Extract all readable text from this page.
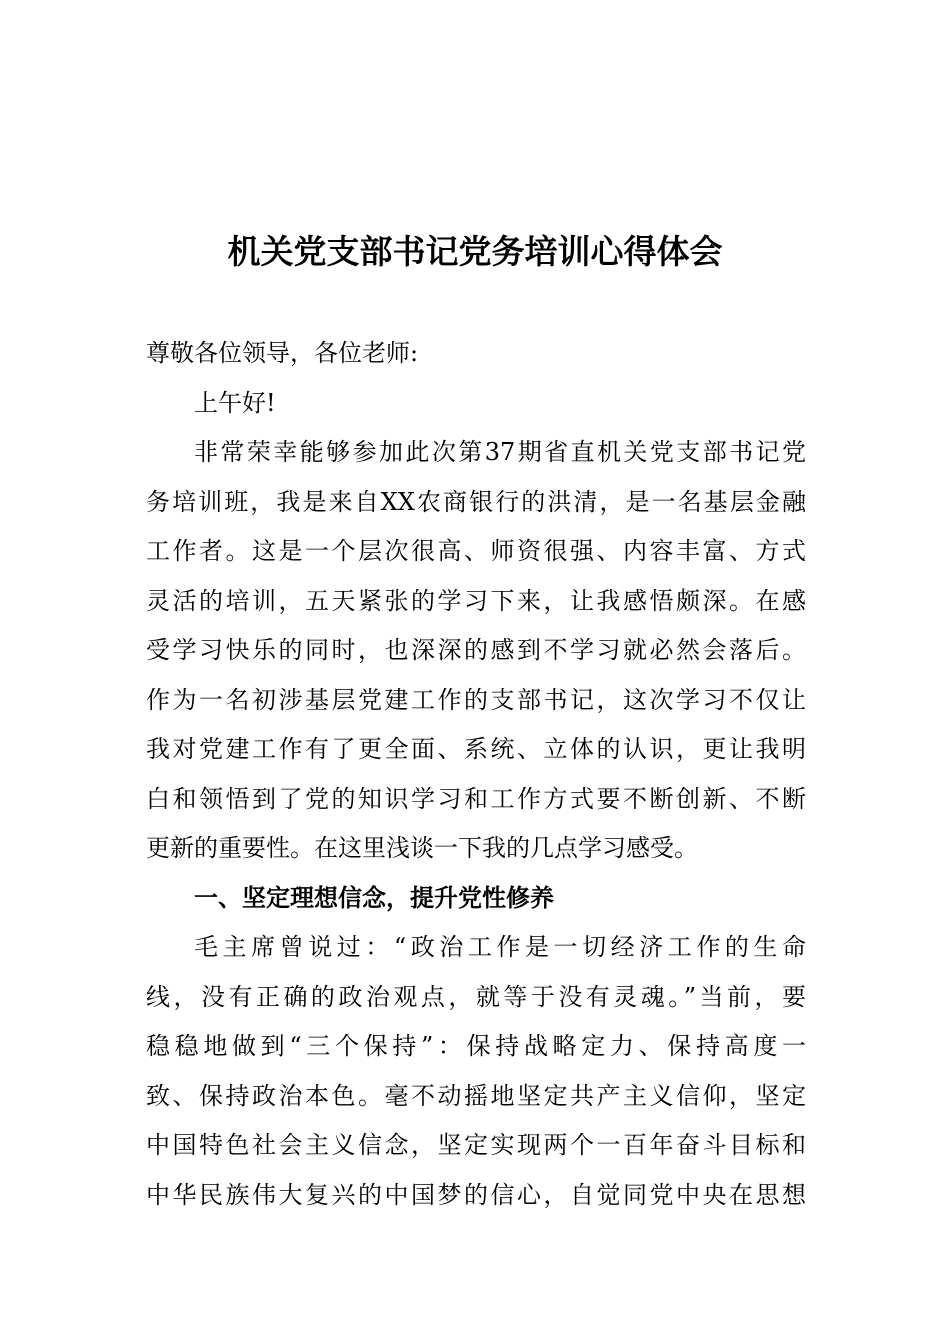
机关党支部书记党务培训心得体会
尊敬各位领导，各位老师:
上午好!
非常荣幸能够参加此次第37期省直机关党支部书记党
务培训班，我是来自XX农商银行的洪清，是一名基层金融
工作者。这是一个层次很高、师资很强、内容丰富、方式
灵活的培训，五天紧张的学习下来，让我感悟颇深。在感
受学习快乐的同时，也深深的感到不学习就必然会落后。
作为一名初涉基层党建工作的支部书记，这次学习不仅让
我对党建工作有了更全面、系统、立体的认识，更让我明
白和领悟到了党的知识学习和工作方式要不断创新、不断
更新的重要性。在这里浅谈一下我的几点学习感受。
一、坚定理想信念，提升党性修养
毛主席曾说过：“政治工作是一切经济工作的生命
线，没有正确的政治观点，就等于没有灵魂。”当前，要
稳稳地做到“三个保持”：保持战略定力、保持高度一
致、保持政治本色。毫不动摇地坚定共产主义信仰，坚定
中国特色社会主义信念，坚定实现两个一百年奋斗目标和
中华民族伟大复兴的中国梦的信心，自觉同党中央在思想
